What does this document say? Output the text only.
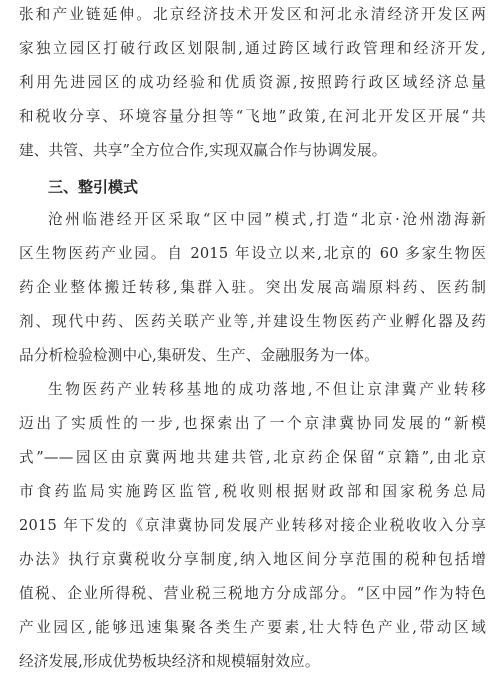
张和产业链延伸。北京经济技术开发区和河北永清经济开发区两
家独立园区打破行政区划限制,通过跨区域行政管理和经济开发,
利用先进园区的成功经验和优质资源,按照跨行政区域经济总量
和税收分享、环境容量分担等“飞地”政策,在河北开发区开展“共
建、共管、共享”全方位合作,实现双赢合作与协调发展。
三、整引模式
沧州临港经开区采取“区中园”模式,打造“北京·沧州渤海新
区生物医药产业园。自 2015 年设立以来,北京的 60 多家生物医
药企业整体搬迁转移,集群入驻。突出发展高端原料药、医药制
剂、现代中药、医药关联产业等,并建设生物医药产业孵化器及药
品分析检验检测中心,集研发、生产、金融服务为一体。
生物医药产业转移基地的成功落地,不但让京津冀产业转移
迈出了实质性的一步,也探索出了一个京津冀协同发展的“新模
式”——园区由京冀两地共建共管,北京药企保留“京籍”,由北京
市食药监局实施跨区监管,税收则根据财政部和国家税务总局
2015 年下发的《京津冀协同发展产业转移对接企业税收收入分享
办法》执行京冀税收分享制度,纳入地区间分享范围的税种包括增
值税、企业所得税、营业税三税地方分成部分。“区中园”作为特色
产业园区,能够迅速集聚各类生产要素,壮大特色产业,带动区域
经济发展,形成优势板块经济和规模辐射效应。
